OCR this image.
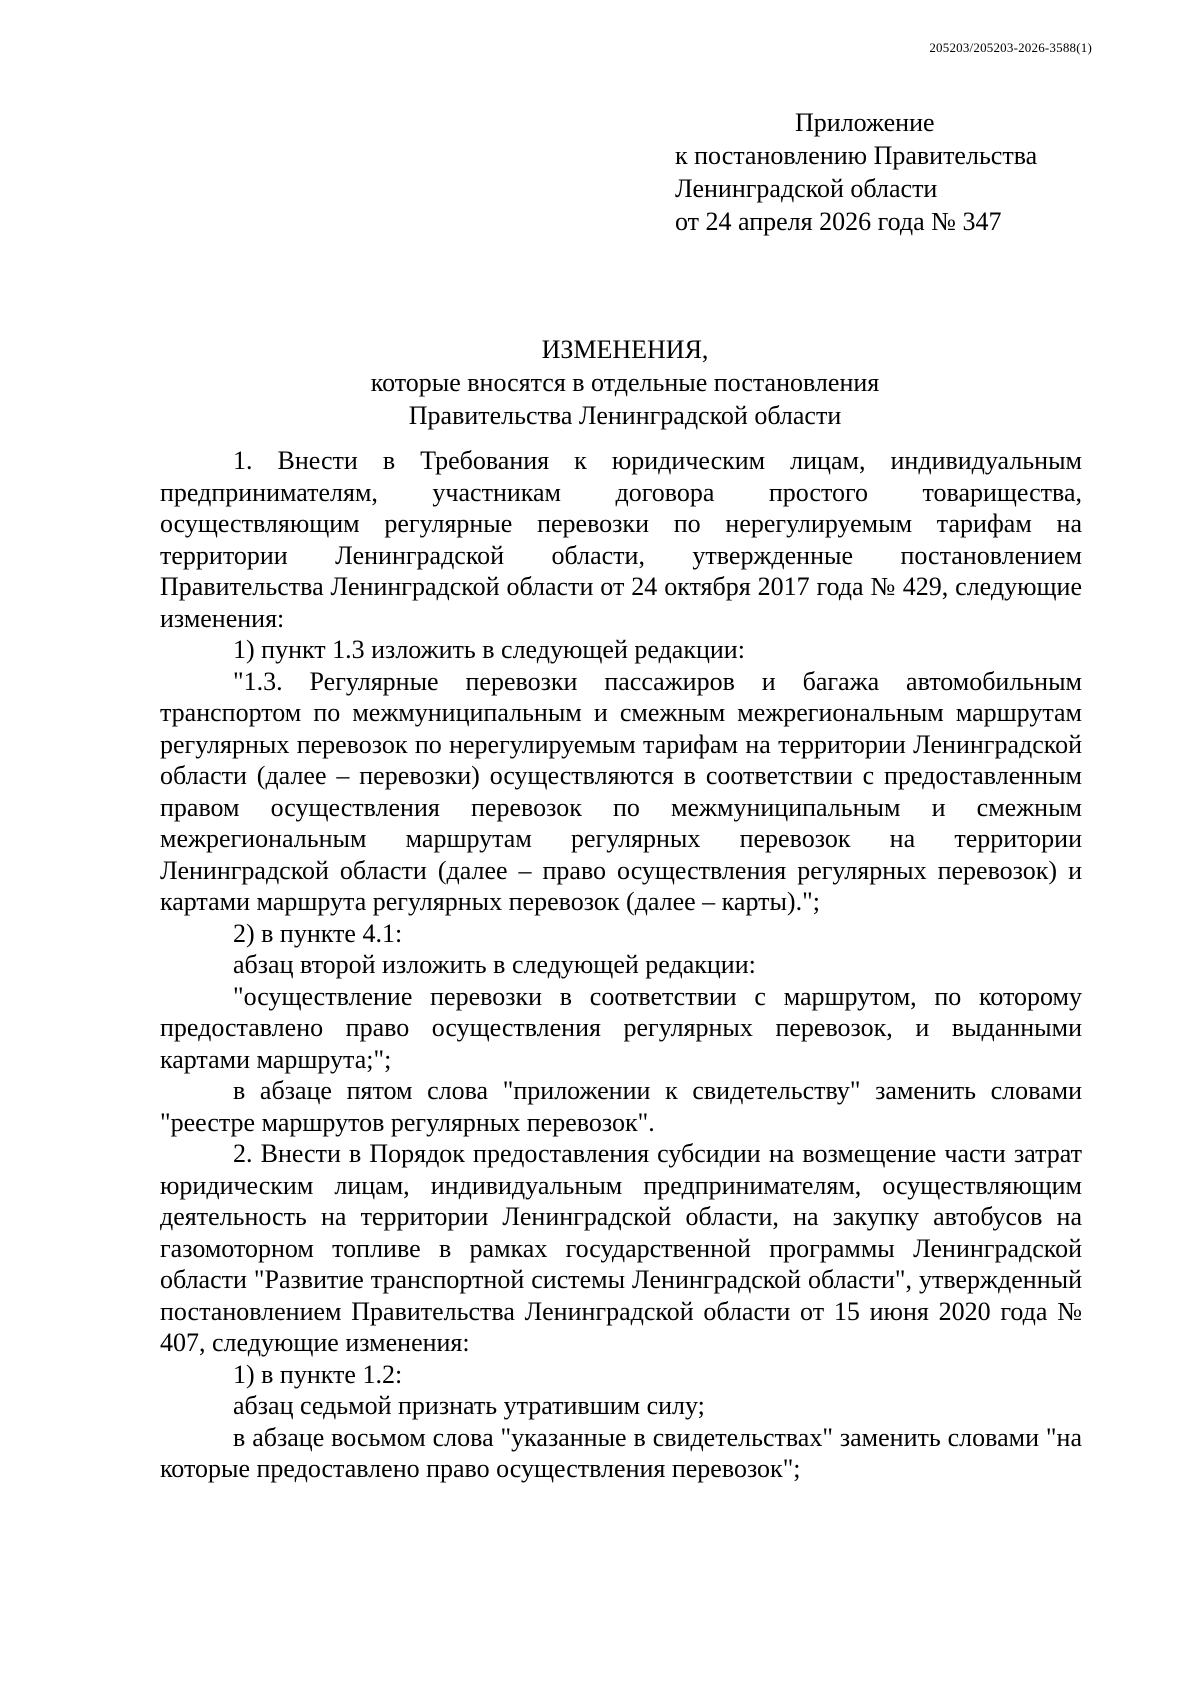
205203/205203-2026-3588(1)
Приложение
к постановлению Правительства
Ленинградской области
от 24 апреля 2026 года № 347
ИЗМЕНЕНИЯ,
которые вносятся в отдельные постановления
Правительства Ленинградской области

1. Внести в Требования к юридическим лицам, индивидуальным предпринимателям, участникам договора простого товарищества, осуществляющим регулярные перевозки по нерегулируемым тарифам на территории Ленинградской области, утвержденные постановлением Правительства Ленинградской области от 24 октября 2017 года № 429, следующие изменения:

1) пункт 1.3 изложить в следующей редакции:

"1.3. Регулярные перевозки пассажиров и багажа автомобильным транспортом по межмуниципальным и смежным межрегиональным маршрутам регулярных перевозок по нерегулируемым тарифам на территории Ленинградской области (далее – перевозки) осуществляются в соответствии с предоставленным правом осуществления перевозок по межмуниципальным и смежным межрегиональным маршрутам регулярных перевозок на территории Ленинградской области (далее – право осуществления регулярных перевозок) и картами маршрута регулярных перевозок (далее – карты).";

2) в пункте 4.1:

абзац второй изложить в следующей редакции:

"осуществление перевозки в соответствии с маршрутом, по которому предоставлено право осуществления регулярных перевозок, и выданными картами маршрута;";

в абзаце пятом слова "приложении к свидетельству" заменить словами "реестре маршрутов регулярных перевозок".

2. Внести в Порядок предоставления субсидии на возмещение части затрат юридическим лицам, индивидуальным предпринимателям, осуществляющим деятельность на территории Ленинградской области, на закупку автобусов на газомоторном топливе в рамках государственной программы Ленинградской области "Развитие транспортной системы Ленинградской области", утвержденный постановлением Правительства Ленинградской области от 15 июня 2020 года № 407, следующие изменения:

1) в пункте 1.2:

абзац седьмой признать утратившим силу;

в абзаце восьмом слова "указанные в свидетельствах" заменить словами "на которые предоставлено право осуществления перевозок";
